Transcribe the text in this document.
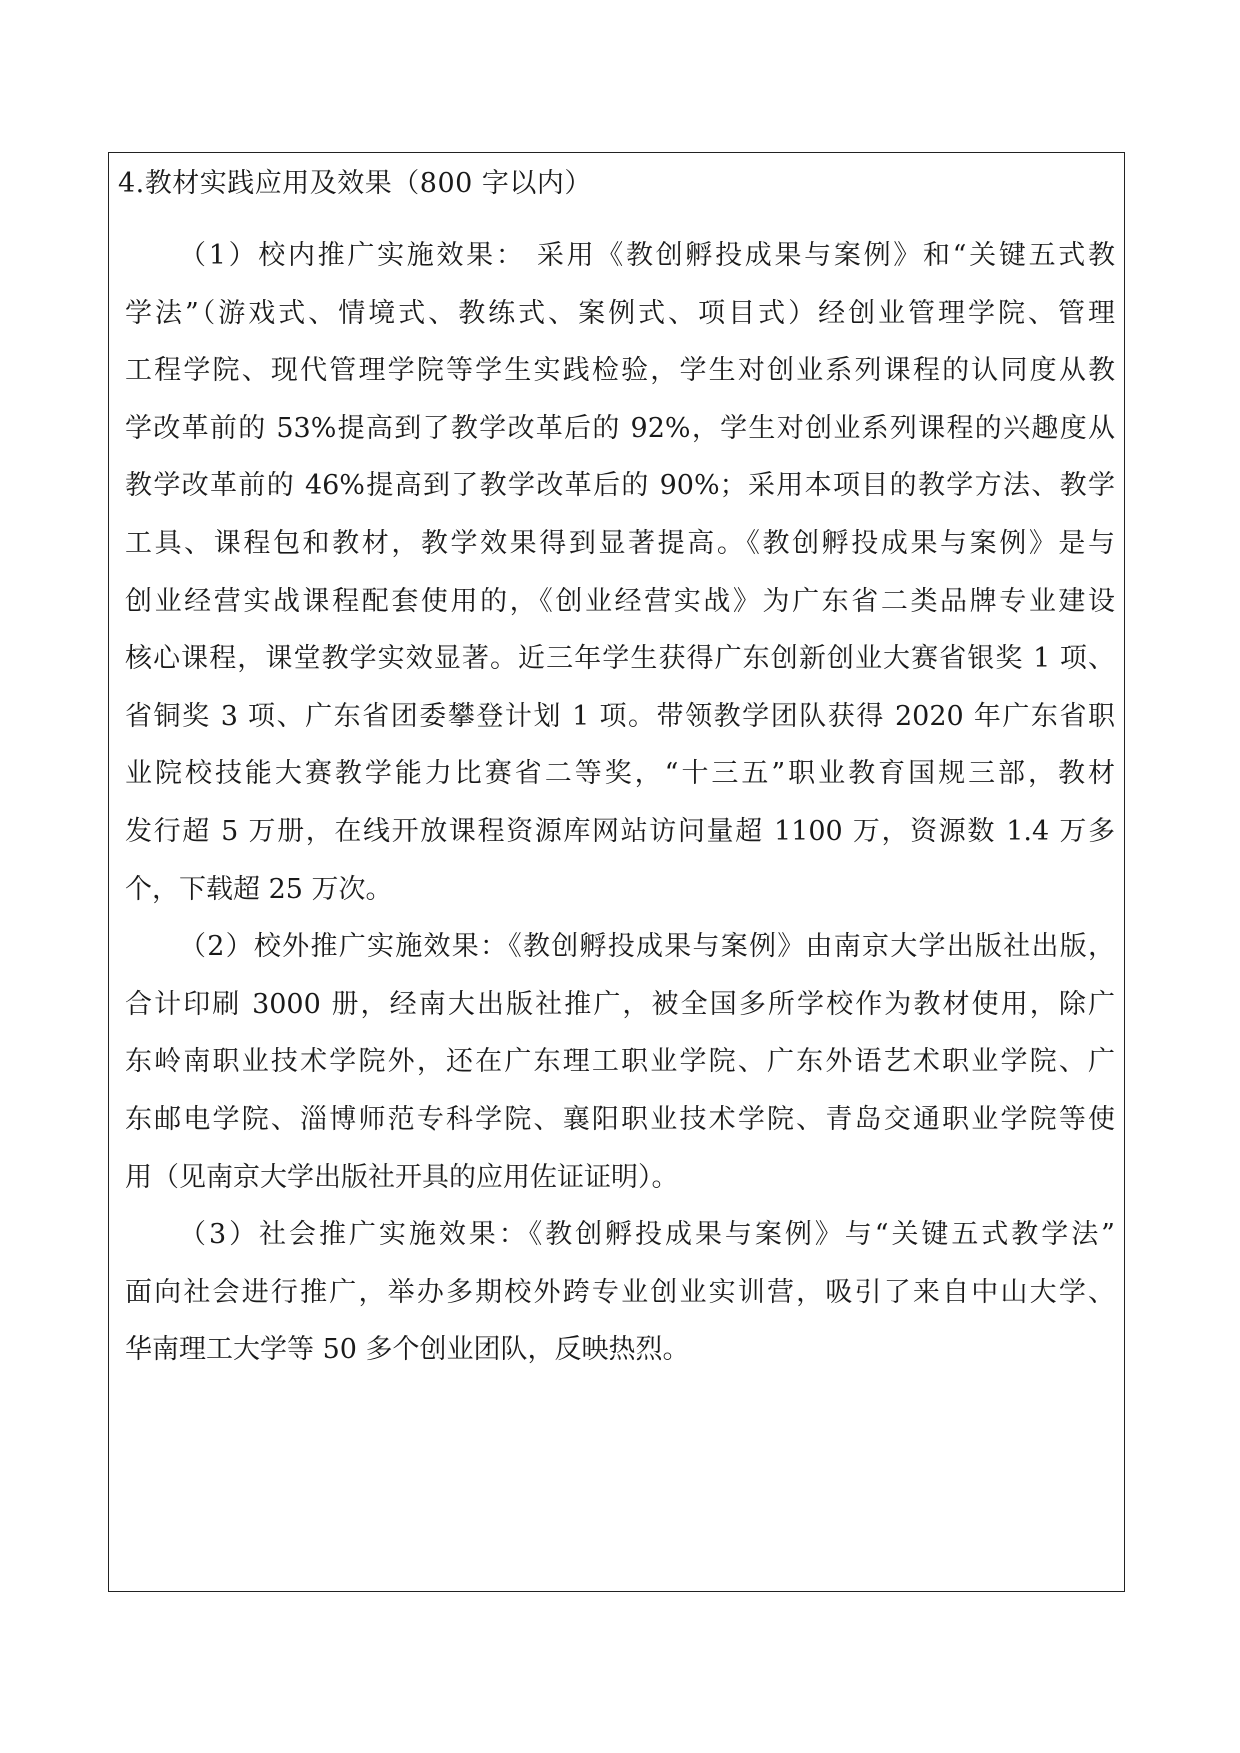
4.教材实践应用及效果（800 字以内）
（1）校内推广实施效果： 采用《教创孵投成果与案例》和“关键五式教
学法”（游戏式、情境式、教练式、案例式、项目式）经创业管理学院、管理
工程学院、现代管理学院等学生实践检验，学生对创业系列课程的认同度从教
学改革前的 53%提高到了教学改革后的 92%，学生对创业系列课程的兴趣度从
教学改革前的 46%提高到了教学改革后的 90%；采用本项目的教学方法、教学
工具、课程包和教材，教学效果得到显著提高。《教创孵投成果与案例》是与
创业经营实战课程配套使用的，《创业经营实战》为广东省二类品牌专业建设
核心课程，课堂教学实效显著。近三年学生获得广东创新创业大赛省银奖 1 项、
省铜奖 3 项、广东省团委攀登计划 1 项。带领教学团队获得 2020 年广东省职
业院校技能大赛教学能力比赛省二等奖，“十三五”职业教育国规三部，教材
发行超 5 万册，在线开放课程资源库网站访问量超 1100 万，资源数 1.4 万多
个，下载超 25 万次。
（2）校外推广实施效果：《教创孵投成果与案例》由南京大学出版社出版，
合计印刷 3000 册，经南大出版社推广，被全国多所学校作为教材使用，除广
东岭南职业技术学院外，还在广东理工职业学院、广东外语艺术职业学院、广
东邮电学院、淄博师范专科学院、襄阳职业技术学院、青岛交通职业学院等使
用（见南京大学出版社开具的应用佐证证明）。
（3）社会推广实施效果：《教创孵投成果与案例》与“关键五式教学法”
面向社会进行推广，举办多期校外跨专业创业实训营，吸引了来自中山大学、
华南理工大学等 50 多个创业团队，反映热烈。
